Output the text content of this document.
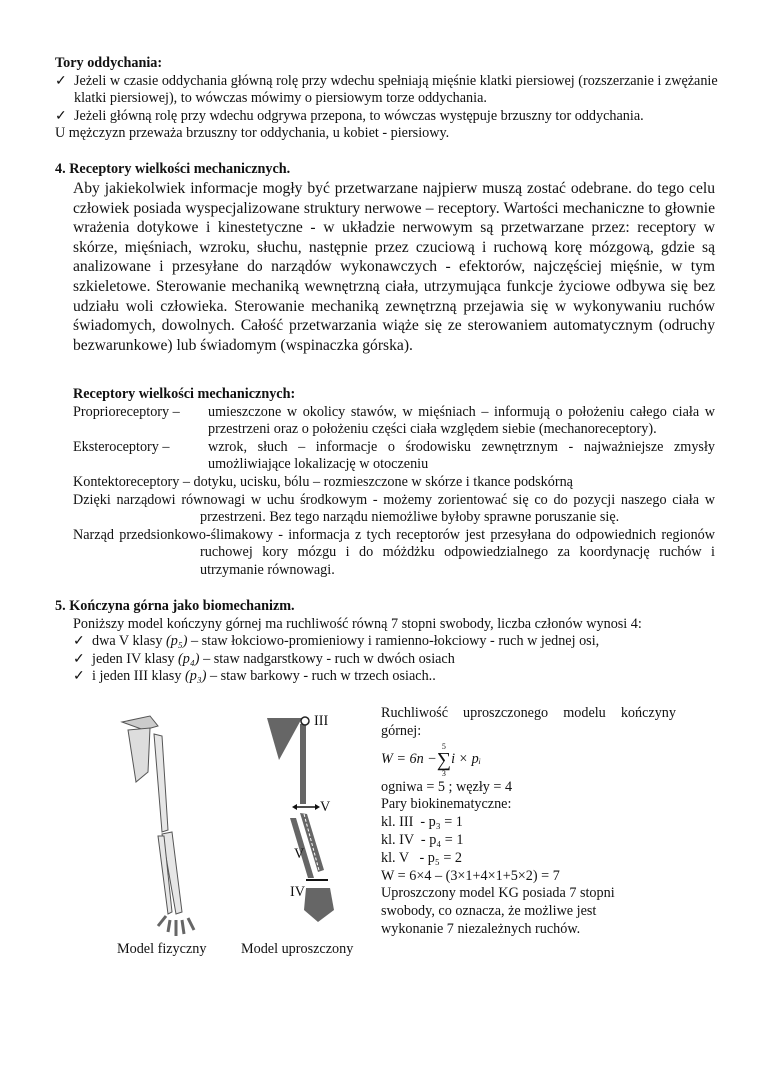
Tory oddychania:
✓ Jeżeli w czasie oddychania główną rolę przy wdechu spełniają mięśnie klatki piersiowej (rozszerzanie i zwężanie klatki piersiowej), to wówczas mówimy o piersiowym torze oddychania.
✓ Jeżeli główną rolę przy wdechu odgrywa przepona, to wówczas występuje brzuszny tor oddychania.
U mężczyzn przeważa brzuszny tor oddychania, u kobiet - piersiowy.
4. Receptory wielkości mechanicznych.
Aby jakiekolwiek informacje mogły być przetwarzane najpierw muszą zostać odebrane. do tego celu człowiek posiada wyspecjalizowane struktury nerwowe – receptory. Wartości mechaniczne to głownie wrażenia dotykowe i kinestetyczne - w układzie nerwowym są przetwarzane przez: receptory w skórze, mięśniach, wzroku, słuchu, następnie przez czuciową i ruchową korę mózgową, gdzie są analizowane i przesyłane do narządów wykonawczych - efektorów, najczęściej mięśnie, w tym szkieletowe. Sterowanie mechaniką wewnętrzną ciała, utrzymująca funkcje życiowe odbywa się bez udziału woli człowieka. Sterowanie mechaniką zewnętrzną przejawia się w wykonywaniu ruchów świadomych, dowolnych. Całość przetwarzania wiąże się ze sterowaniem automatycznym (odruchy bezwarunkowe) lub świadomym (wspinaczka górska).
Receptory wielkości mechanicznych:
Proprioreceptory –	umieszczone w okolicy stawów, w mięśniach – informują o położeniu całego ciała w przestrzeni oraz o położeniu części ciała względem siebie (mechanoreceptory).
Eksteroceptory –	wzrok, słuch – informacje o środowisku zewnętrznym - najważniejsze zmysły umożliwiające lokalizację w otoczeniu
Kontektoreceptory – dotyku, ucisku, bólu – rozmieszczone w skórze i tkance podskórną
Dzięki narządowi równowagi w uchu środkowym - możemy zorientować się co do pozycji naszego ciała w przestrzeni. Bez tego narządu niemożliwe byłoby sprawne poruszanie się.
Narząd przedsionkowo-ślimakowy - informacja z tych receptorów jest przesyłana do odpowiednich regionów ruchowej kory mózgu i do móżdżku odpowiedzialnego za koordynację ruchów i utrzymanie równowagi.
5. Kończyna górna jako biomechanizm.
Poniższy model kończyny górnej ma ruchliwość równą 7 stopni swobody, liczba członów wynosi 4:
✓ dwa V klasy (p₅) – staw łokciowo-promieniowy i ramienno-łokciowy - ruch w jednej osi,
✓ jeden IV klasy (p₄) – staw nadgarstkowy - ruch w dwóch osiach
✓ i jeden III klasy (p₃) – staw barkowy - ruch w trzech osiach..
Model fizyczny
III
V
V
IV
Model uproszczony
Ruchliwość uproszczonego modelu kończyny górnej:
W = 6n −
5
∑
3
i × pᵢ
ogniwa = 5 ; węzły = 4
Pary biokinematyczne:
kl. III  - p₃ = 1
kl. IV  - p₄ = 1
kl. V   - p₅ = 2
W = 6×4 – (3×1+4×1+5×2) = 7
Uproszczony model KG posiada 7 stopni swobody, co oznacza, że możliwe jest wykonanie 7 niezależnych ruchów.
